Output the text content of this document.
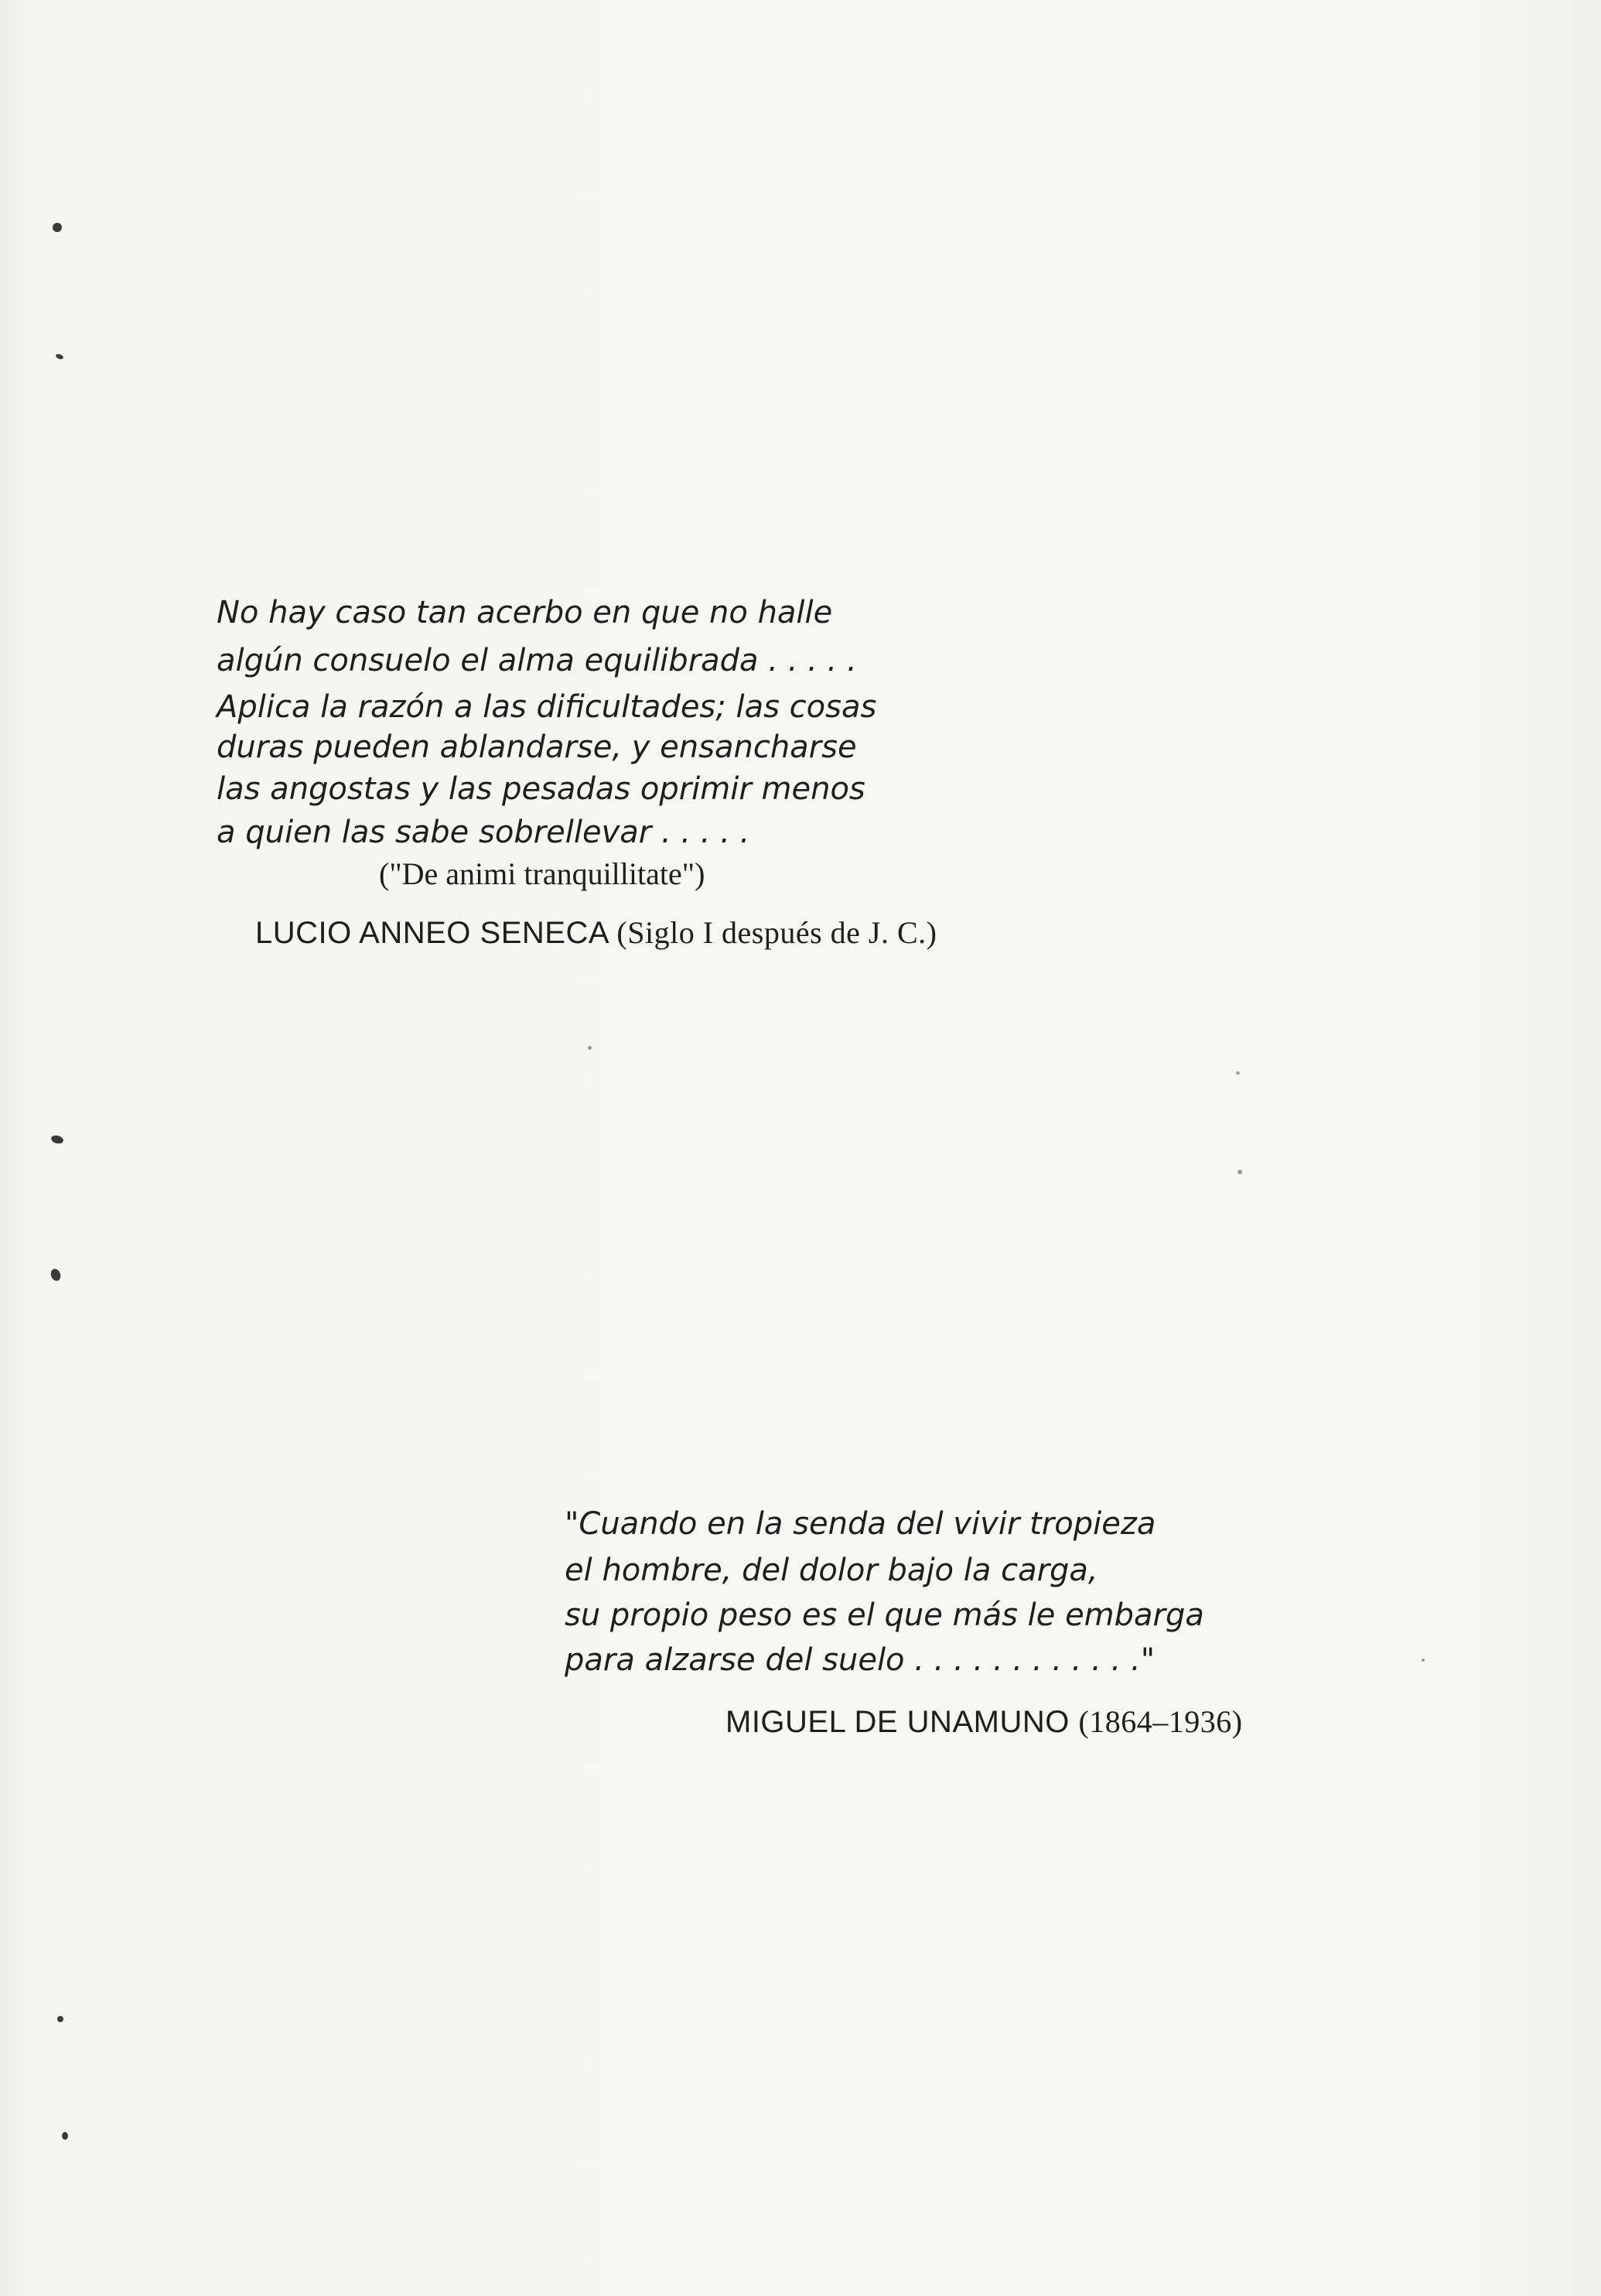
No hay caso tan acerbo en que no halle
algún consuelo el alma equilibrada . . . . .
Aplica la razón a las dificultades; las cosas
duras pueden ablandarse, y ensancharse
las angostas y las pesadas oprimir menos
a quien las sabe sobrellevar . . . . .
("De animi tranquillitate")
LUCIO ANNEO SENECA (Siglo I después de J. C.)
"Cuando en la senda del vivir tropieza
el hombre, del dolor bajo la carga,
su propio peso es el que más le embarga
para alzarse del suelo . . . . . . . . . . . ."
MIGUEL DE UNAMUNO (1864–1936)
